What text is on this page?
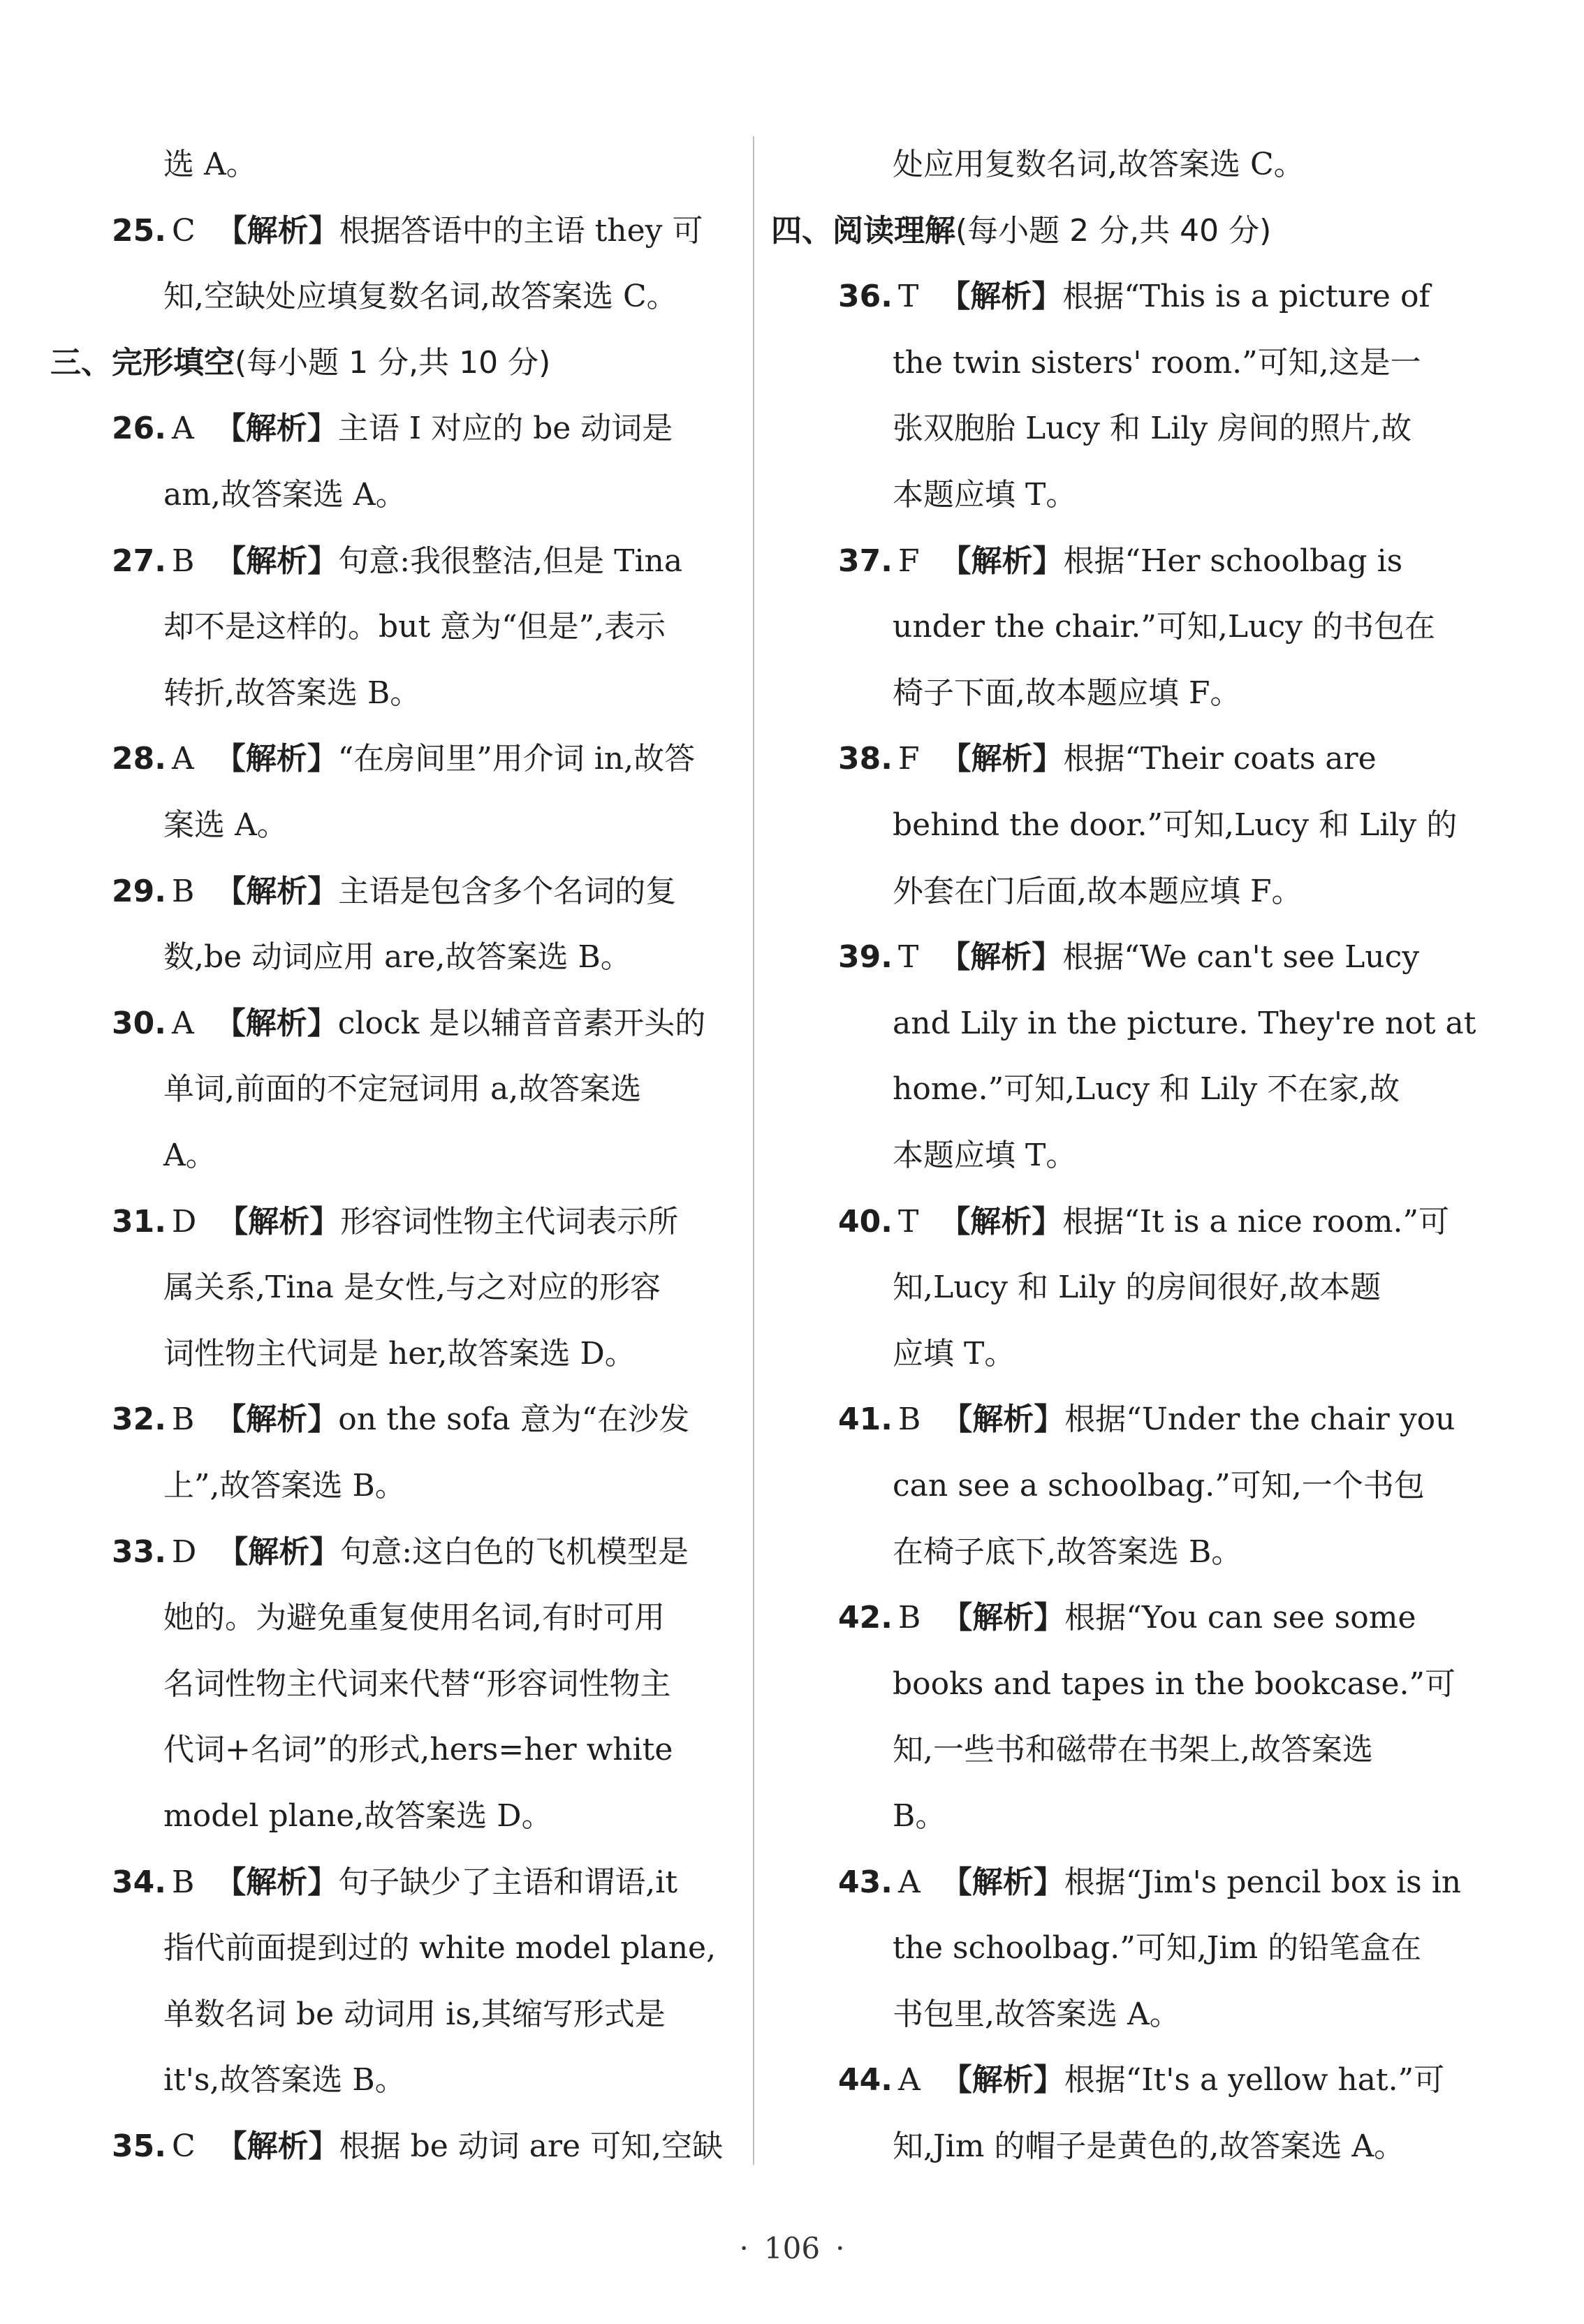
选 A。
25. C 【解析】根据答语中的主语 they 可
知,空缺处应填复数名词,故答案选 C。
三、完形填空(每小题 1 分,共 10 分)
26. A 【解析】主语 I 对应的 be 动词是
am,故答案选 A。
27. B 【解析】句意:我很整洁,但是 Tina
却不是这样的。but 意为“但是”,表示
转折,故答案选 B。
28. A 【解析】“在房间里”用介词 in,故答
案选 A。
29. B 【解析】主语是包含多个名词的复
数,be 动词应用 are,故答案选 B。
30. A 【解析】clock 是以辅音音素开头的
单词,前面的不定冠词用 a,故答案选
A。
31. D 【解析】形容词性物主代词表示所
属关系,Tina 是女性,与之对应的形容
词性物主代词是 her,故答案选 D。
32. B 【解析】on the sofa 意为“在沙发
上”,故答案选 B。
33. D 【解析】句意:这白色的飞机模型是
她的。为避免重复使用名词,有时可用
名词性物主代词来代替“形容词性物主
代词+名词”的形式,hers=her white
model plane,故答案选 D。
34. B 【解析】句子缺少了主语和谓语,it
指代前面提到过的 white model plane,
单数名词 be 动词用 is,其缩写形式是
it's,故答案选 B。
35. C 【解析】根据 be 动词 are 可知,空缺
处应用复数名词,故答案选 C。
四、阅读理解(每小题 2 分,共 40 分)
36. T 【解析】根据“This is a picture of
the twin sisters' room.”可知,这是一
张双胞胎 Lucy 和 Lily 房间的照片,故
本题应填 T。
37. F 【解析】根据“Her schoolbag is
under the chair.”可知,Lucy 的书包在
椅子下面,故本题应填 F。
38. F 【解析】根据“Their coats are
behind the door.”可知,Lucy 和 Lily 的
外套在门后面,故本题应填 F。
39. T 【解析】根据“We can't see Lucy
and Lily in the picture. They're not at
home.”可知,Lucy 和 Lily 不在家,故
本题应填 T。
40. T 【解析】根据“It is a nice room.”可
知,Lucy 和 Lily 的房间很好,故本题
应填 T。
41. B 【解析】根据“Under the chair you
can see a schoolbag.”可知,一个书包
在椅子底下,故答案选 B。
42. B 【解析】根据“You can see some
books and tapes in the bookcase.”可
知,一些书和磁带在书架上,故答案选
B。
43. A 【解析】根据“Jim's pencil box is in
the schoolbag.”可知,Jim 的铅笔盒在
书包里,故答案选 A。
44. A 【解析】根据“It's a yellow hat.”可
知,Jim 的帽子是黄色的,故答案选 A。
· 106 ·
